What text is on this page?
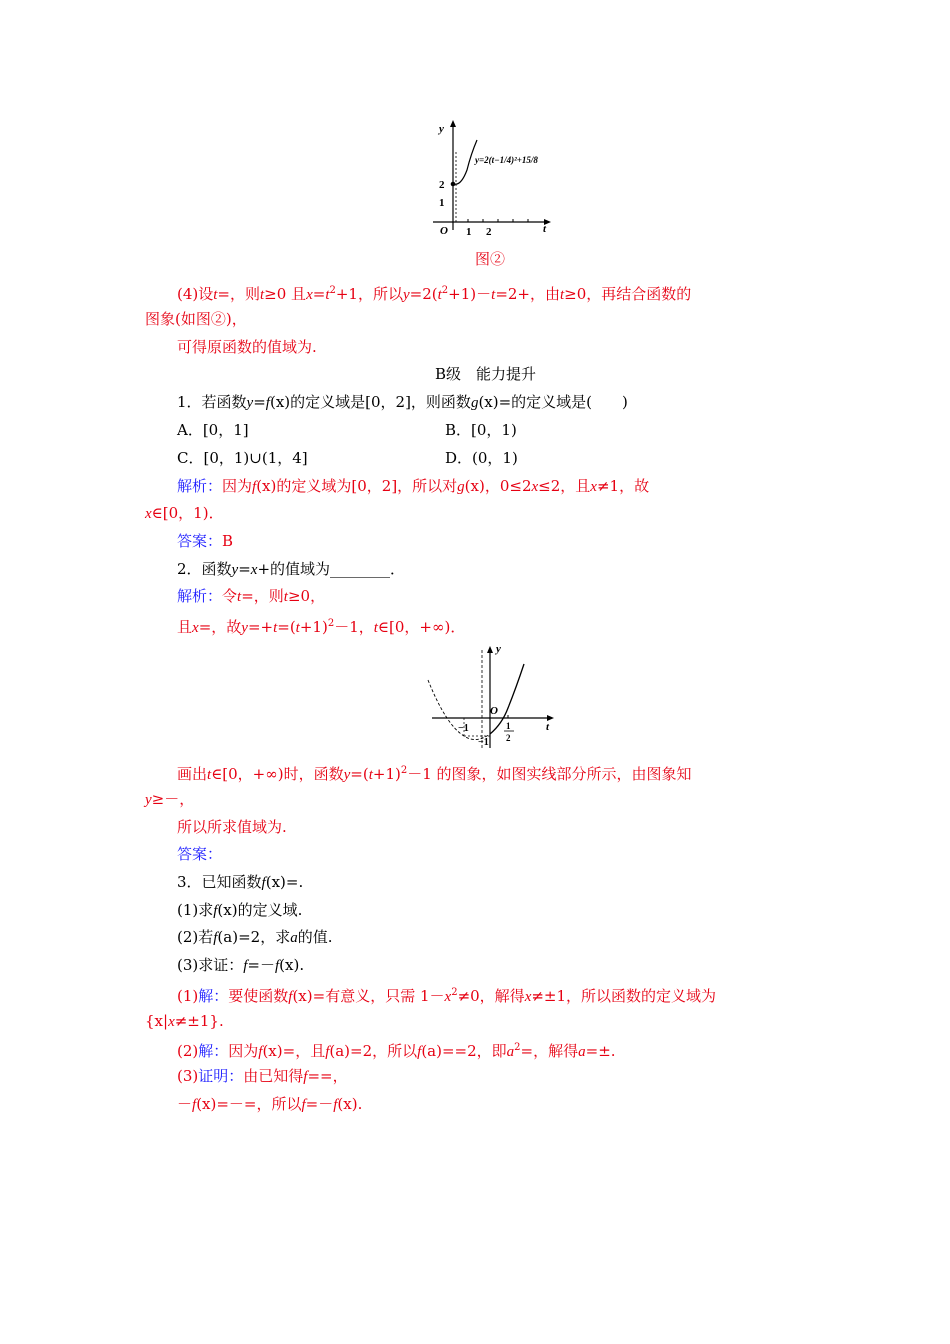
y
t
O
2
1
1 2
y=2(t−1/4)²+15/8
图②
(4)设t=，则t≥0 且$x=t^2+1$，所以$y=2(t^2+1)-t=2+$，由t≥0，再结合函数的
图象(如图②)，
可得原函数的值域为.
B级　能力提升
1．若函数y=f(x)的定义域是[0，2]，则函数g(x)=的定义域是(　　)
A．[0，1]	B．[0，1)
C．[0，1)∪(1，4]	D．(0，1)
解析：因为f(x)的定义域为[0，2]，所以对g(x)，0≤2x≤2，且x≠1，故
x∈[0，1)．
答案：B
2．函数y=x+的值域为________．
解析：令t=，则t≥0，
且x=，故$y=+t=(t+1)^2-1$，t∈[0，+∞)．
y
t
O
−1
−1
1
2
画出t∈[0，+∞)时，函数$y=(t+1)^2-1$ 的图象，如图实线部分所示，由图象知
y≥－，
所以所求值域为.
答案：
3．已知函数f(x)=.
(1)求f(x)的定义域.
(2)若f(a)=2，求a的值.
(3)求证：f=－f(x).
(1)解：要使函数f(x)=有意义，只需 $1-x^2\ne 0$，解得x≠±1，所以函数的定义域为
{x|x≠±1}.
(2)解：因为f(x)=，且f(a)=2，所以f(a)==2，即$a^2=$，解得a=±.
(3)证明：由已知得f==，
－f(x)=－=，所以f=－f(x).
